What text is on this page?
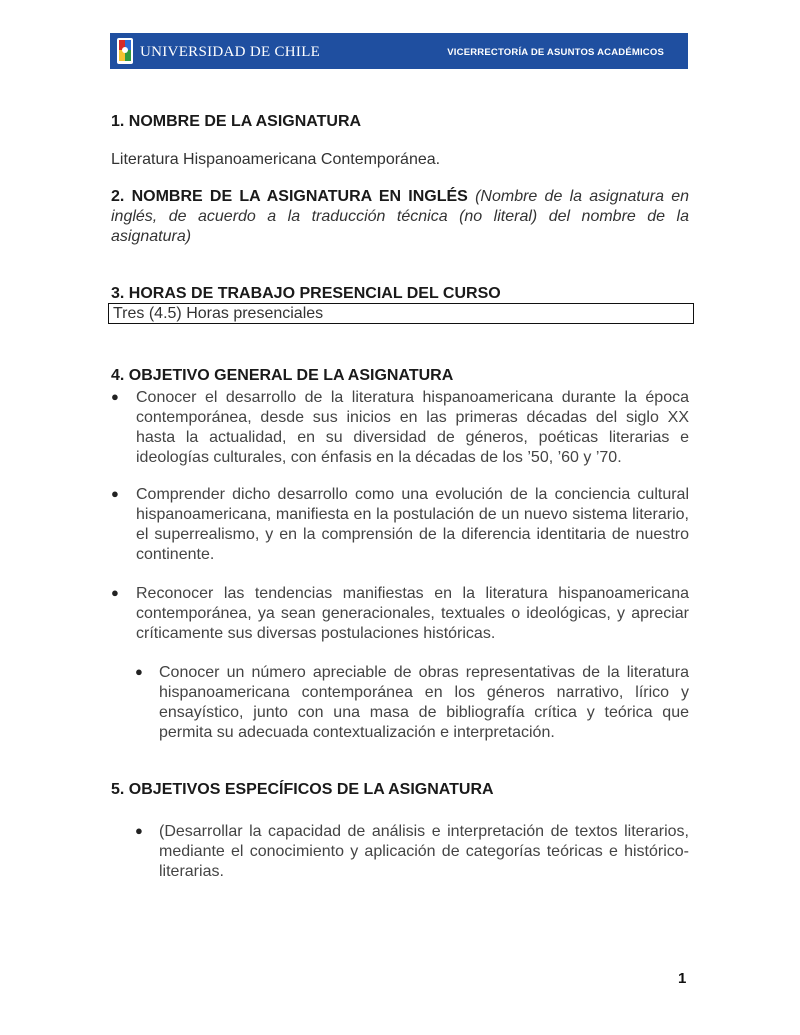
UNIVERSIDAD DE CHILE	VICERRECTORÍA DE ASUNTOS ACADÉMICOS
1. NOMBRE DE LA ASIGNATURA
Literatura Hispanoamericana Contemporánea.
2. NOMBRE DE LA ASIGNATURA EN INGLÉS (Nombre de la asignatura en inglés, de acuerdo a la traducción técnica (no literal) del nombre de la asignatura)
3. HORAS DE TRABAJO PRESENCIAL DEL CURSO
Tres (4.5) Horas presenciales
4. OBJETIVO GENERAL DE LA ASIGNATURA
● Conocer el desarrollo de la literatura hispanoamericana durante la época contemporánea, desde sus inicios en las primeras décadas del siglo XX hasta la actualidad, en su diversidad de géneros, poéticas literarias e ideologías culturales, con énfasis en la décadas de los ’50, ’60 y ’70.
● Comprender dicho desarrollo como una evolución de la conciencia cultural hispanoamericana, manifiesta en la postulación de un nuevo sistema literario, el superrealismo, y en la comprensión de la diferencia identitaria de nuestro continente.
● Reconocer las tendencias manifiestas en la literatura hispanoamericana contemporánea, ya sean generacionales, textuales o ideológicas, y apreciar críticamente sus diversas postulaciones históricas.
● Conocer un número apreciable de obras representativas de la literatura hispanoamericana contemporánea en los géneros narrativo, lírico y ensayístico, junto con una masa de bibliografía crítica y teórica que permita su adecuada contextualización e interpretación.
5. OBJETIVOS ESPECÍFICOS DE LA ASIGNATURA
● (Desarrollar la capacidad de análisis e interpretación de textos literarios, mediante el conocimiento y aplicación de categorías teóricas e histórico-literarias.
1
